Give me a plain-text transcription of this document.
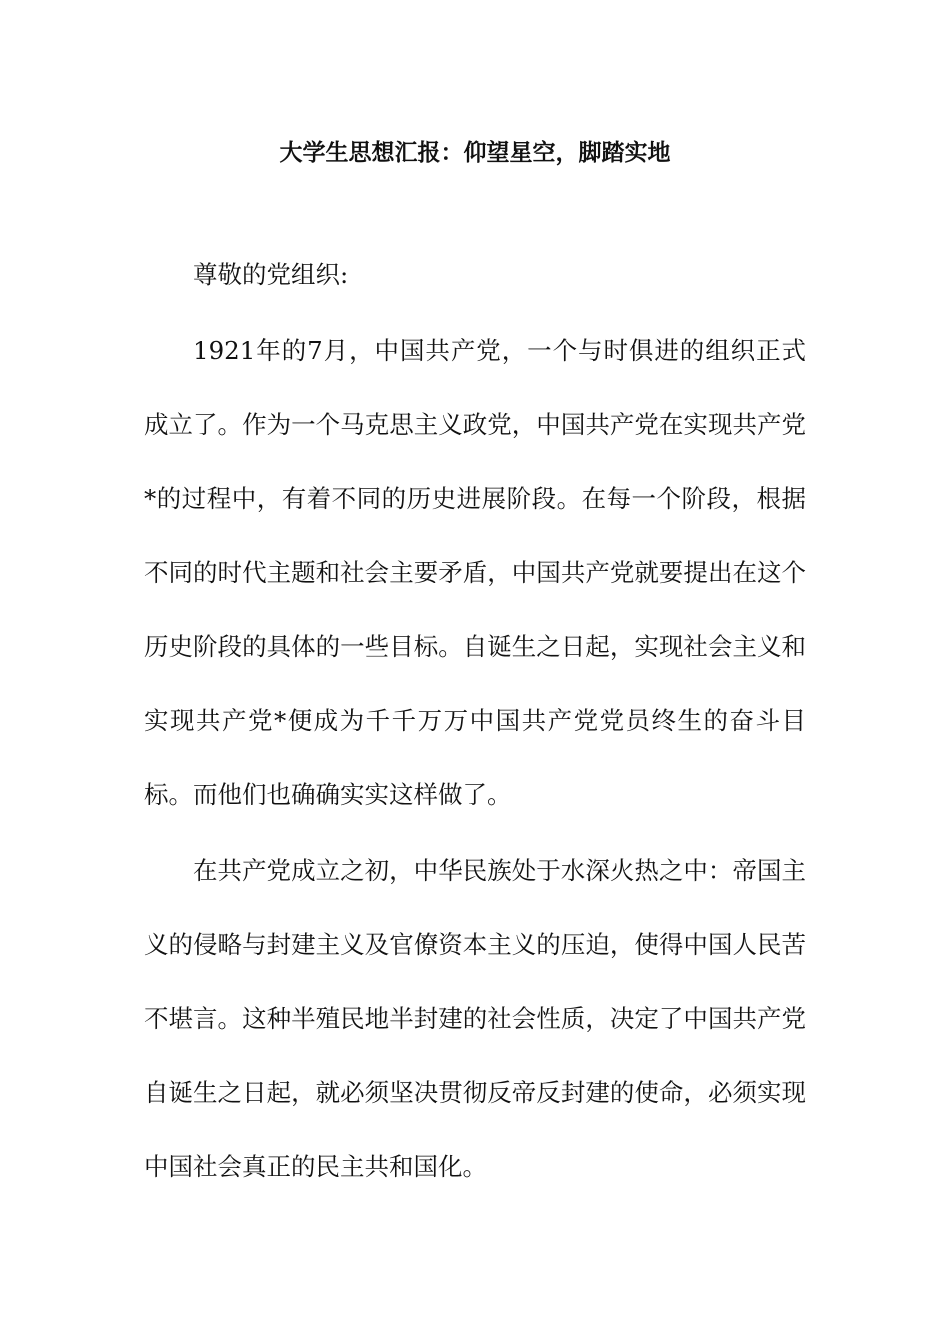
大学生思想汇报：仰望星空，脚踏实地

尊敬的党组织:

1921年的7月，中国共产党，一个与时俱进的组织正式成立了。作为一个马克思主义政党，中国共产党在实现共产党*的过程中，有着不同的历史进展阶段。在每一个阶段，根据不同的时代主题和社会主要矛盾，中国共产党就要提出在这个历史阶段的具体的一些目标。自诞生之日起，实现社会主义和实现共产党*便成为千千万万中国共产党党员终生的奋斗目标。而他们也确确实实这样做了。

在共产党成立之初，中华民族处于水深火热之中：帝国主义的侵略与封建主义及官僚资本主义的压迫，使得中国人民苦不堪言。这种半殖民地半封建的社会性质，决定了中国共产党自诞生之日起，就必须坚决贯彻反帝反封建的使命，必须实现中国社会真正的民主共和国化。
